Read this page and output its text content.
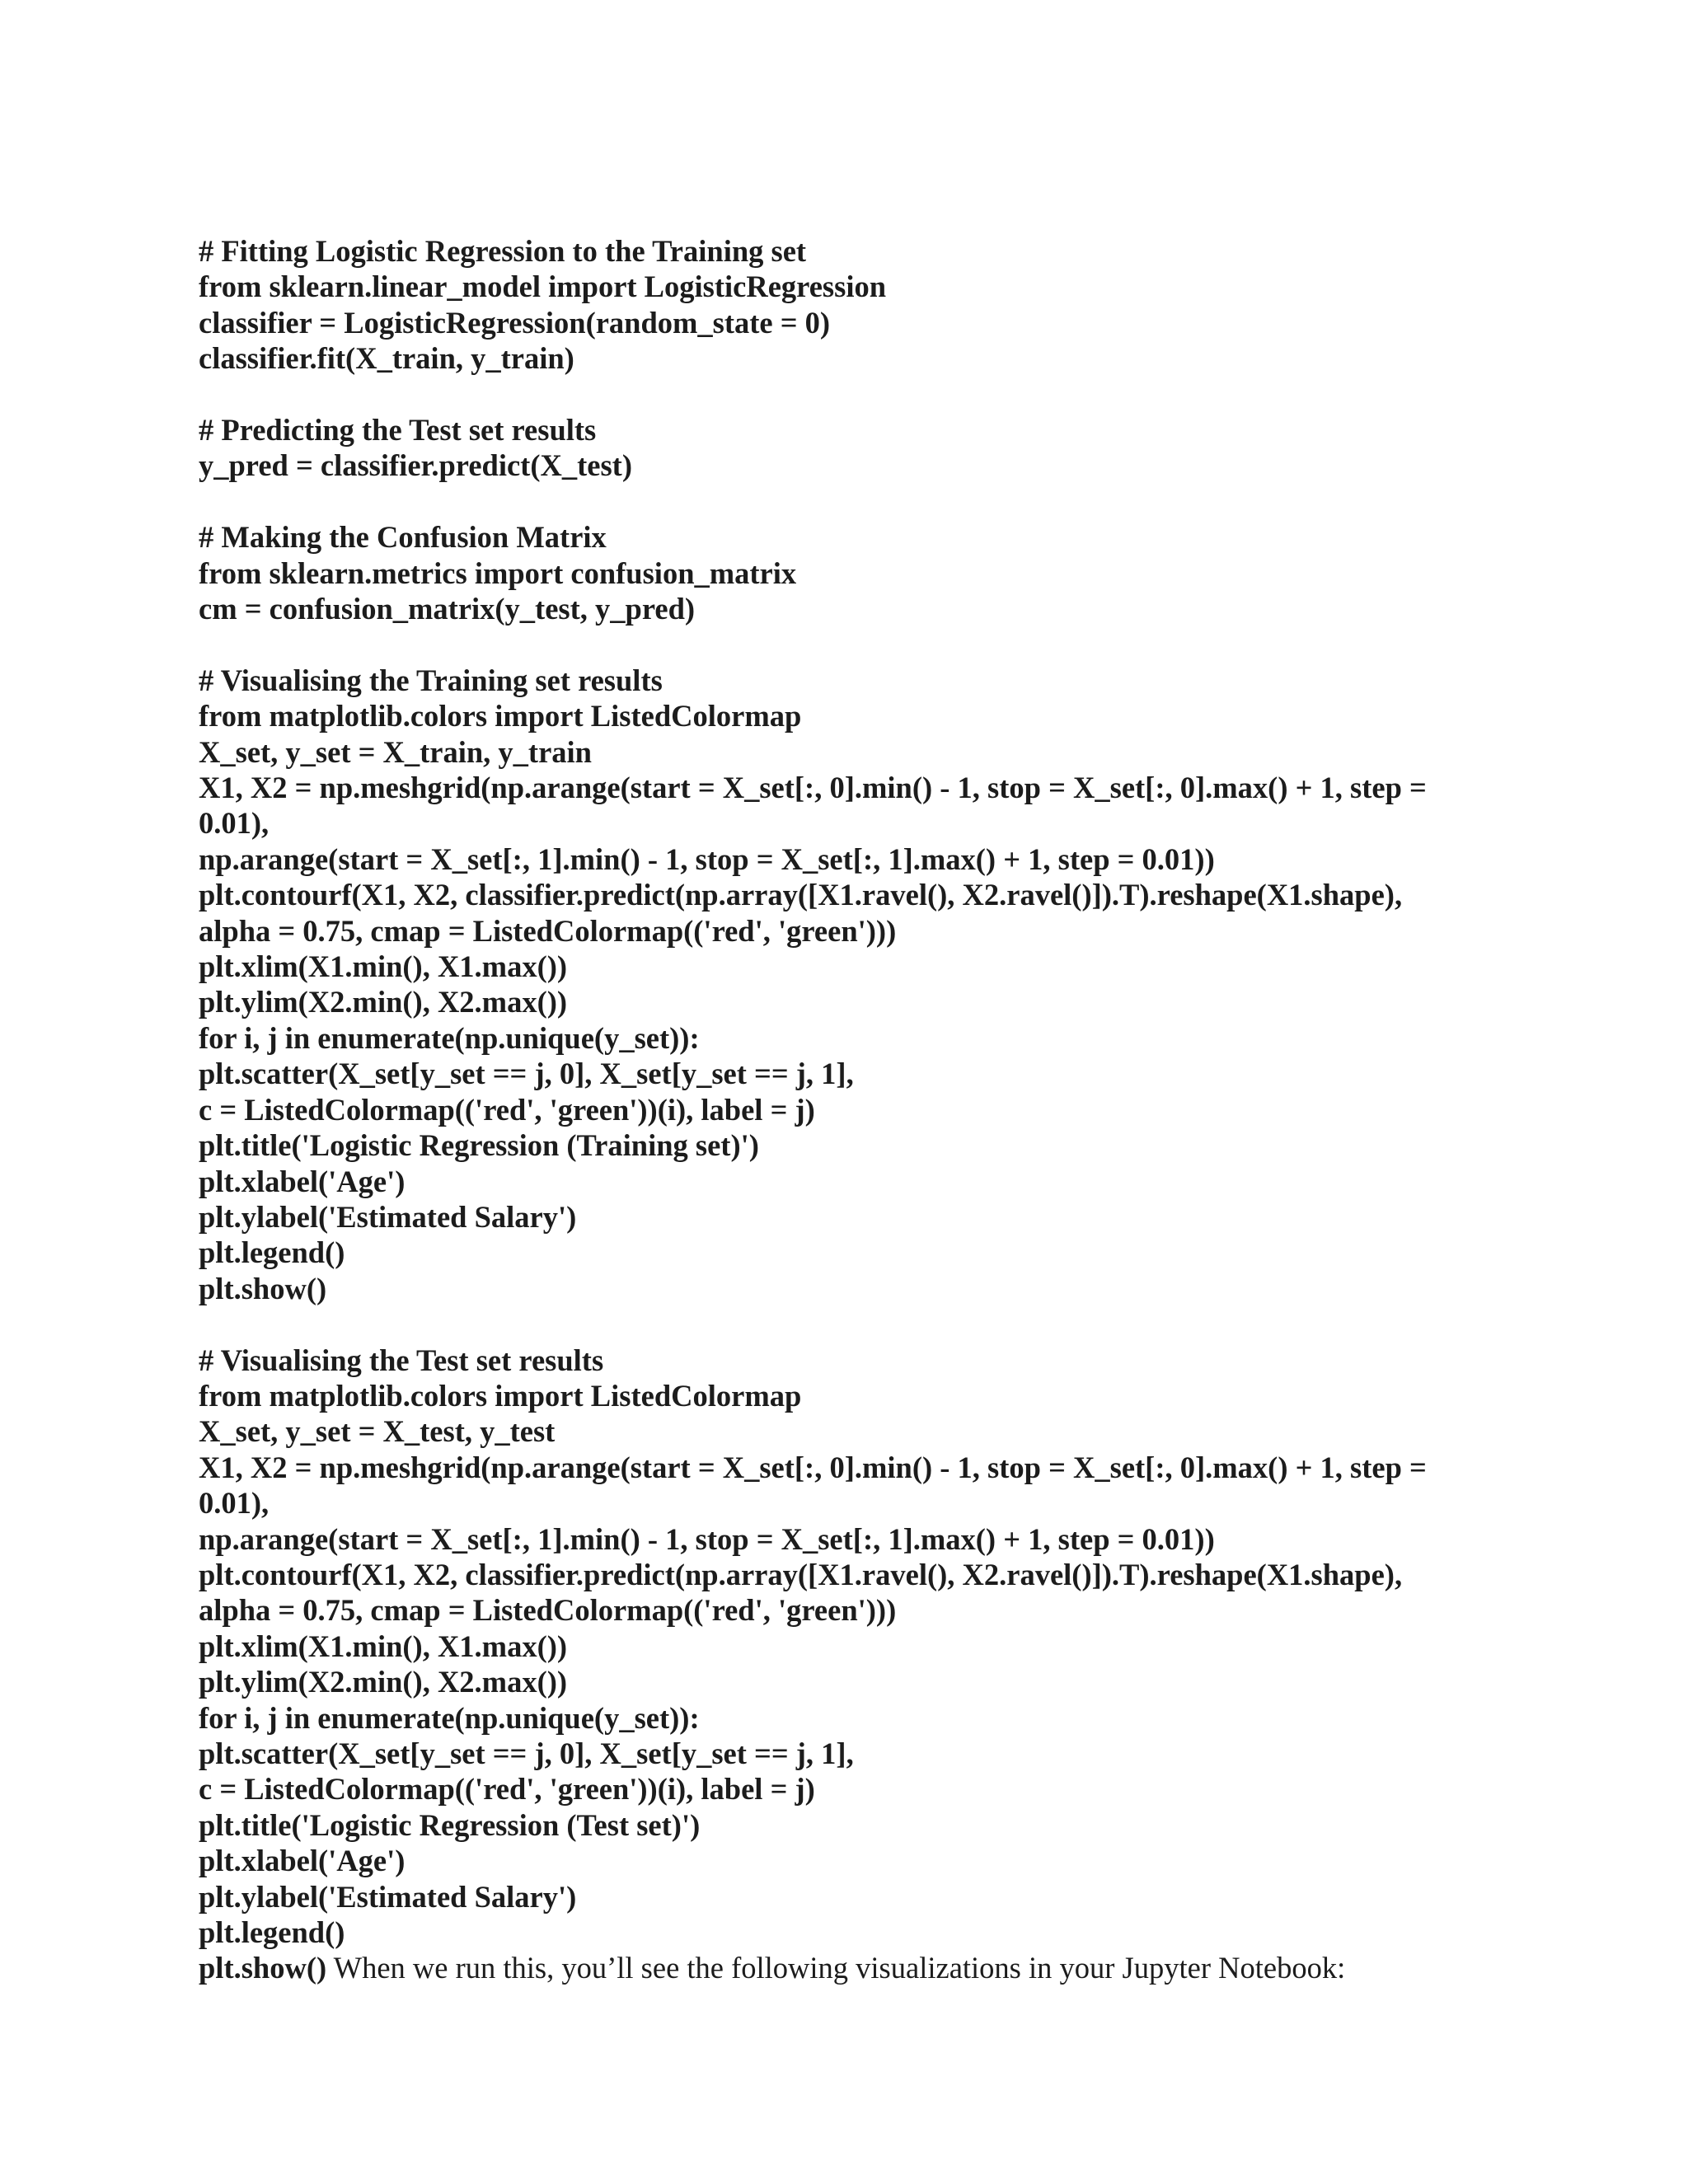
# Fitting Logistic Regression to the Training set
from sklearn.linear_model import LogisticRegression
classifier = LogisticRegression(random_state = 0)
classifier.fit(X_train, y_train)
# Predicting the Test set results
y_pred = classifier.predict(X_test)
# Making the Confusion Matrix
from sklearn.metrics import confusion_matrix
cm = confusion_matrix(y_test, y_pred)
# Visualising the Training set results
from matplotlib.colors import ListedColormap
X_set, y_set = X_train, y_train
X1, X2 = np.meshgrid(np.arange(start = X_set[:, 0].min() - 1, stop = X_set[:, 0].max() + 1, step =
0.01),
np.arange(start = X_set[:, 1].min() - 1, stop = X_set[:, 1].max() + 1, step = 0.01))
plt.contourf(X1, X2, classifier.predict(np.array([X1.ravel(), X2.ravel()]).T).reshape(X1.shape),
alpha = 0.75, cmap = ListedColormap(('red', 'green')))
plt.xlim(X1.min(), X1.max())
plt.ylim(X2.min(), X2.max())
for i, j in enumerate(np.unique(y_set)):
plt.scatter(X_set[y_set == j, 0], X_set[y_set == j, 1],
c = ListedColormap(('red', 'green'))(i), label = j)
plt.title('Logistic Regression (Training set)')
plt.xlabel('Age')
plt.ylabel('Estimated Salary')
plt.legend()
plt.show()
# Visualising the Test set results
from matplotlib.colors import ListedColormap
X_set, y_set = X_test, y_test
X1, X2 = np.meshgrid(np.arange(start = X_set[:, 0].min() - 1, stop = X_set[:, 0].max() + 1, step =
0.01),
np.arange(start = X_set[:, 1].min() - 1, stop = X_set[:, 1].max() + 1, step = 0.01))
plt.contourf(X1, X2, classifier.predict(np.array([X1.ravel(), X2.ravel()]).T).reshape(X1.shape),
alpha = 0.75, cmap = ListedColormap(('red', 'green')))
plt.xlim(X1.min(), X1.max())
plt.ylim(X2.min(), X2.max())
for i, j in enumerate(np.unique(y_set)):
plt.scatter(X_set[y_set == j, 0], X_set[y_set == j, 1],
c = ListedColormap(('red', 'green'))(i), label = j)
plt.title('Logistic Regression (Test set)')
plt.xlabel('Age')
plt.ylabel('Estimated Salary')
plt.legend()
plt.show() When we run this, you’ll see the following visualizations in your Jupyter Notebook:
